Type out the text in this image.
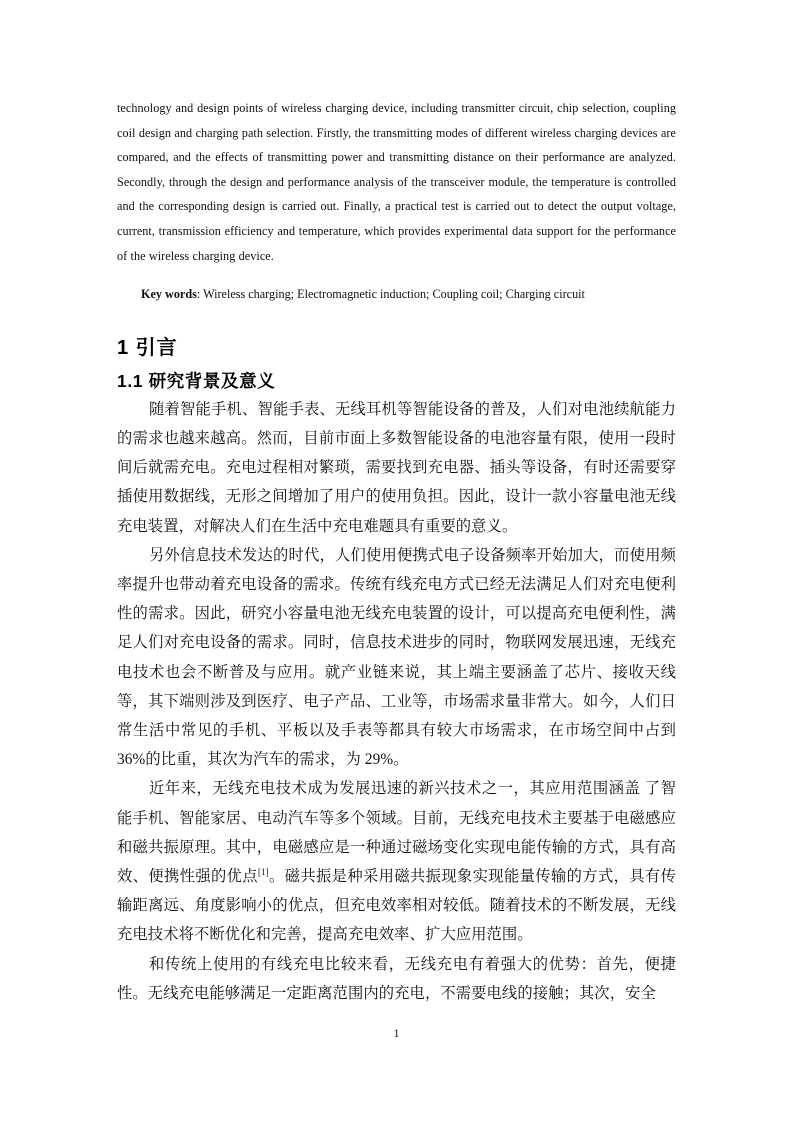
technology and design points of wireless charging device, including transmitter circuit, chip selection, coupling coil design and charging path selection. Firstly, the transmitting modes of different wireless charging devices are compared, and the effects of transmitting power and transmitting distance on their performance are analyzed. Secondly, through the design and performance analysis of the transceiver module, the temperature is controlled and the corresponding design is carried out. Finally, a practical test is carried out to detect the output voltage, current, transmission efficiency and temperature, which provides experimental data support for the performance of the wireless charging device.

Key words: Wireless charging; Electromagnetic induction; Coupling coil; Charging circuit

1 引言
1.1 研究背景及意义

随着智能手机、智能手表、无线耳机等智能设备的普及，人们对电池续航能力的需求也越来越高。然而，目前市面上多数智能设备的电池容量有限，使用一段时间后就需充电。充电过程相对繁琐，需要找到充电器、插头等设备，有时还需要穿插使用数据线，无形之间增加了用户的使用负担。因此，设计一款小容量电池无线充电装置，对解决人们在生活中充电难题具有重要的意义。

另外信息技术发达的时代，人们使用便携式电子设备频率开始加大，而使用频率提升也带动着充电设备的需求。传统有线充电方式已经无法满足人们对充电便利性的需求。因此，研究小容量电池无线充电装置的设计，可以提高充电便利性，满足人们对充电设备的需求。同时，信息技术进步的同时，物联网发展迅速，无线充电技术也会不断普及与应用。就产业链来说，其上端主要涵盖了芯片、接收天线等，其下端则涉及到医疗、电子产品、工业等，市场需求量非常大。如今，人们日常生活中常见的手机、平板以及手表等都具有较大市场需求，在市场空间中占到 36%的比重，其次为汽车的需求，为 29%。

近年来，无线充电技术成为发展迅速的新兴技术之一，其应用范围涵盖 了智能手机、智能家居、电动汽车等多个领域。目前，无线充电技术主要基于电磁感应和磁共振原理。其中，电磁感应是一种通过磁场变化实现电能传输的方式，具有高效、便携性强的优点[1]。磁共振是种采用磁共振现象实现能量传输的方式，具有传输距离远、角度影响小的优点，但充电效率相对较低。随着技术的不断发展，无线充电技术将不断优化和完善，提高充电效率、扩大应用范围。

和传统上使用的有线充电比较来看，无线充电有着强大的优势：首先，便捷性。无线充电能够满足一定距离范围内的充电，不需要电线的接触；其次，安全

1
